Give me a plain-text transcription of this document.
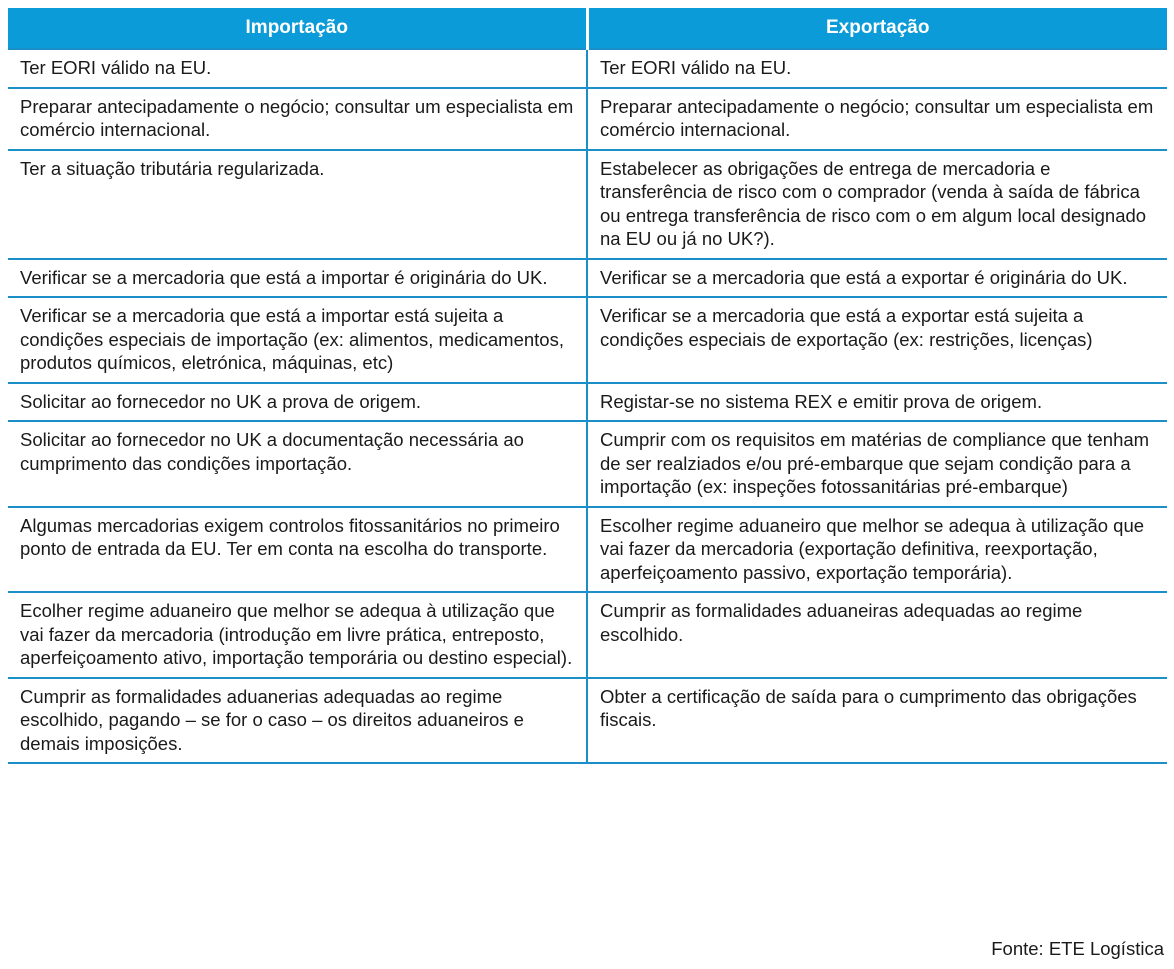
Importação	Exportação
Ter EORI válido na EU.	Ter EORI válido na EU.
Preparar antecipadamente o negócio; consultar um especialista em comércio internacional.	Preparar antecipadamente o negócio; consultar um especialista em comércio internacional.
Ter a situação tributária regularizada.	Estabelecer as obrigações de entrega de mercadoria e transferência de risco com o comprador (venda à saída de fábrica ou entrega transferência de risco com o em algum local designado na EU ou já no UK?).
Verificar se a mercadoria que está a importar é originária do UK.	Verificar se a mercadoria que está a exportar é originária do UK.
Verificar se a mercadoria que está a importar está sujeita a condições especiais de importação (ex: alimentos, medicamentos, produtos químicos, eletrónica, máquinas, etc)	Verificar se a mercadoria que está a exportar está sujeita a condições especiais de exportação (ex: restrições, licenças)
Solicitar ao fornecedor no UK a prova de origem.	Registar-se no sistema REX e emitir prova de origem.
Solicitar ao fornecedor no UK a documentação necessária ao cumprimento das condições importação.	Cumprir com os requisitos em matérias de compliance que tenham de ser realziados e/ou pré-embarque que sejam condição para a importação (ex: inspeções fotossanitárias pré-embarque)
Algumas mercadorias exigem controlos fitossanitários no primeiro ponto de entrada da EU. Ter em conta na escolha do transporte.	Escolher regime aduaneiro que melhor se adequa à utilização que vai fazer da mercadoria (exportação definitiva, reexportação, aperfeiçoamento passivo, exportação temporária).
Ecolher regime aduaneiro que melhor se adequa à utilização que vai fazer da mercadoria (introdução em livre prática, entreposto, aperfeiçoamento ativo, importação temporária ou destino especial).	Cumprir as formalidades aduaneiras adequadas ao regime escolhido.
Cumprir as formalidades aduanerias adequadas ao regime escolhido, pagando – se for o caso – os direitos aduaneiros e demais imposições.	Obter a certificação de saída para o cumprimento das obrigações fiscais.
Fonte: ETE Logística
